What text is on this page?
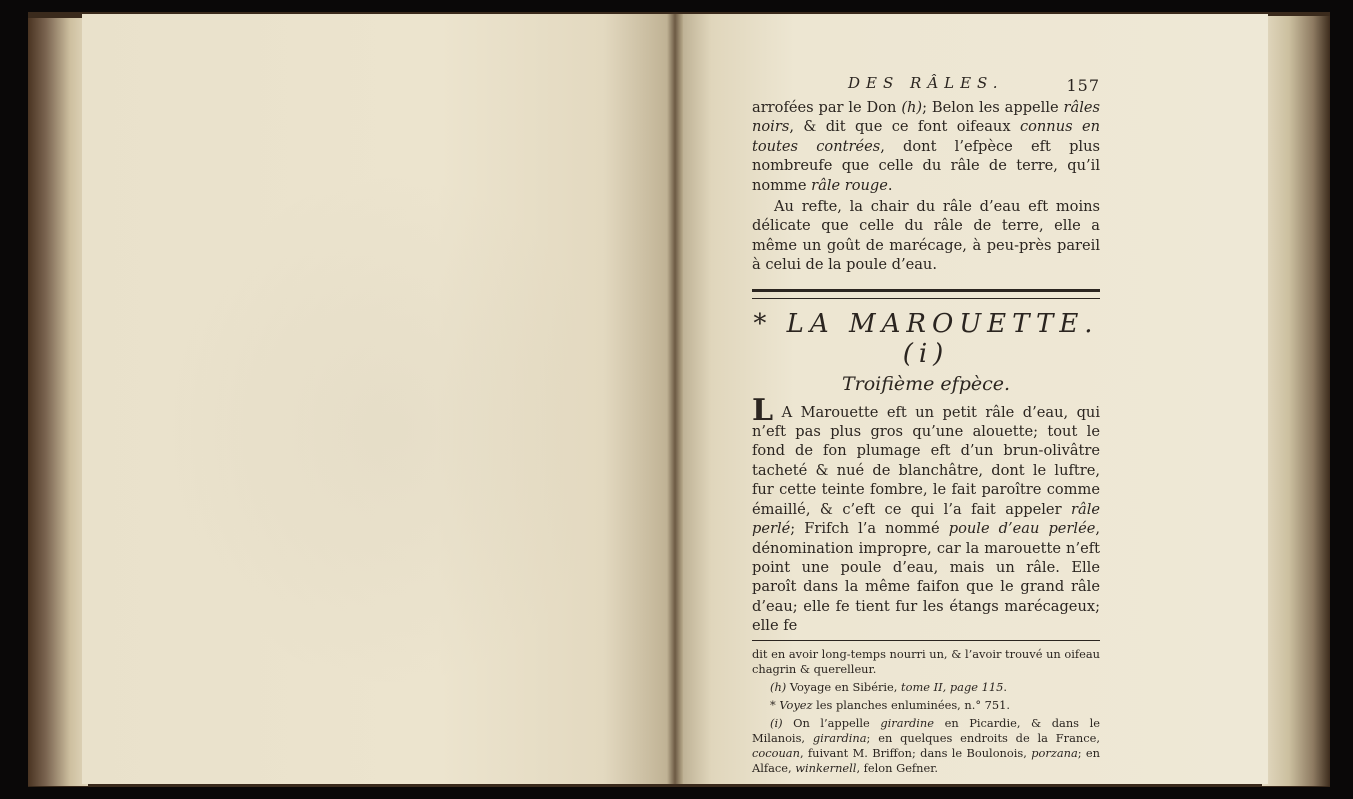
DES RÂLES.	157

arrofées par le Don (h); Belon les appelle râles noirs, & dit que ce font oifeaux connus en toutes contrées, dont l’efpèce eft plus nombreufe que celle du râle de terre, qu’il nomme râle rouge.

Au refte, la chair du râle d’eau eft moins délicate que celle du râle de terre, elle a même un goût de marécage, à peu-près pareil à celui de la poule d’eau.

* LA MAROUETTE. (i)
Troifième efpèce.

L A Marouette eft un petit râle d’eau, qui n’eft pas plus gros qu’une alouette; tout le fond de fon plumage eft d’un brun-olivâtre tacheté & nué de blanchâtre, dont le luftre, fur cette teinte fombre, le fait paroître comme émaillé, & c’eft ce qui l’a fait appeler râle perlé; Frifch l’a nommé poule d’eau perlée, dénomination impropre, car la marouette n’eft point une poule d’eau, mais un râle. Elle paroît dans la même faifon que le grand râle d’eau; elle fe tient fur les étangs marécageux; elle fe

dit en avoir long-temps nourri un, & l’avoir trouvé un oifeau chagrin & querelleur.

(h) Voyage en Sibérie, tome II, page 115.

* Voyez les planches enluminées, n.° 751.

(i) On l’appelle girardine en Picardie, & dans le Milanois, girardina; en quelques endroits de la France, cocouan, fuivant M. Briffon; dans le Boulonois, porzana; en Alface, winkernell, felon Gefner.
